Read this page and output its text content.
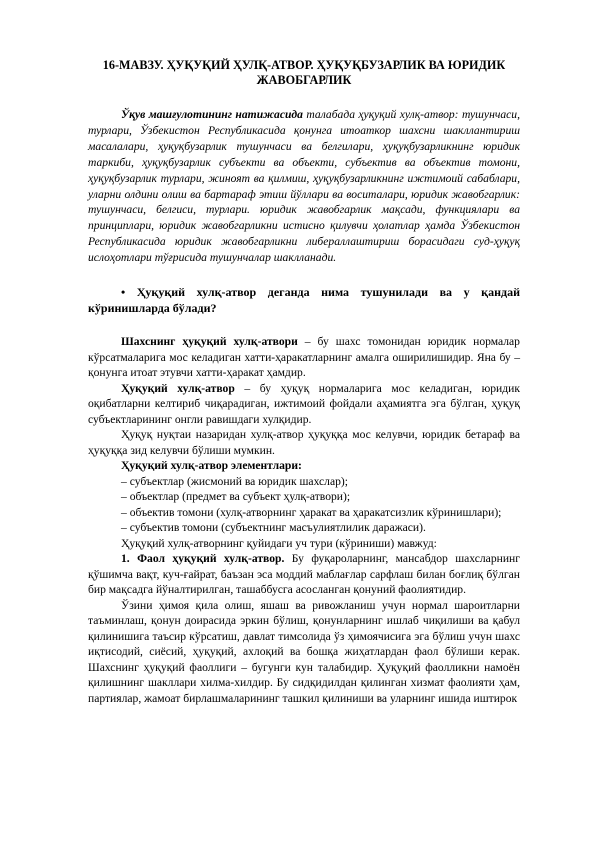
16-МАВЗУ. ҲУҚУҚИЙ ҲУЛҚ-АТВОР. ҲУҚУҚБУЗАРЛИК ВА ЮРИДИК ЖАВОБГАРЛИК

Ўқув машғулотининг натижасида талабада ҳуқуқий хулқ-атвор: тушунчаси, турлари, Ўзбекистон Республикасида қонунга итоаткор шахсни шакллантириш масалалари, ҳуқуқбузарлик тушунчаси ва белгилари, ҳуқуқбузарликнинг юридик таркиби, ҳуқуқбузарлик субъекти ва объекти, субъектив ва объектив томони, ҳуқуқбузарлик турлари, жиноят ва қилмиш, ҳуқуқбузарликнинг ижтимоий сабаблари, уларни олдини олиш ва бартараф этиш йўллари ва воситалари, юридик жавобгарлик: тушунчаси, белгиси, турлари. юридик жавобгарлик мақсади, функциялари ва принциплари, юридик жавобгарликни истисно қилувчи ҳолатлар ҳамда Ўзбекистон Республикасида юридик жавобгарликни либераллаштириш борасидаги суд-ҳуқуқ ислоҳотлари тўғрисида тушунчалар шаклланади.

• Ҳуқуқий хулқ-атвор деганда нима тушунилади ва у қандай кўринишларда бўлади?

Шахснинг ҳуқуқий хулқ-атвори – бу шахс томонидан юридик нормалар кўрсатмаларига мос келадиган хатти-ҳаракатларнинг амалга оширилишидир. Яна бу – қонунга итоат этувчи хатти-ҳаракат ҳамдир.

Ҳуқуқий хулқ-атвор – бу ҳуқуқ нормаларига мос келадиган, юридик оқибатларни келтириб чиқарадиган, ижтимоий фойдали аҳамиятга эга бўлган, ҳуқуқ субъектларининг онгли равишдаги хулқидир.

Ҳуқуқ нуқтаи назаридан хулқ-атвор ҳуқуққа мос келувчи, юридик бетараф ва ҳуқуққа зид келувчи бўлиши мумкин.

Ҳуқуқий хулқ-атвор элементлари:

– субъектлар (жисмоний ва юридик шахслар);

– объектлар (предмет ва субъект ҳулқ-атвори);

– объектив томони (хулқ-атворнинг ҳаракат ва ҳаракатсизлик кўринишлари);

– субъектив томони (субъектнинг масъулиятлилик даражаси).

Ҳуқуқий хулқ-атворнинг қуйидаги уч тури (кўриниши) мавжуд:

1. Фаол ҳуқуқий хулқ-атвор. Бу фуқароларнинг, мансабдор шахсларнинг қўшимча вақт, куч-ғайрат, баъзан эса моддий маблағлар сарфлаш билан боғлиқ бўлган бир мақсадга йўналтирилган, ташаббусга асосланган қонуний фаолиятидир.

Ўзини ҳимоя қила олиш, яшаш ва ривожланиш учун нормал шароитларни таъминлаш, қонун доирасида эркин бўлиш, қонунларнинг ишлаб чиқилиши ва қабул қилинишига таъсир кўрсатиш, давлат тимсолида ўз ҳимоячисига эга бўлиш учун шахс иқтисодий, сиёсий, ҳуқуқий, ахлоқий ва бошқа жиҳатлардан фаол бўлиши керак. Шахснинг ҳуқуқий фаоллиги – бугунги кун талабидир. Ҳуқуқий фаолликни намоён қилишнинг шакллари хилма-хилдир. Бу сидқидилдан қилинган хизмат фаолияти ҳам, партиялар, жамоат бирлашмаларининг ташкил қилиниши ва уларнинг ишида иштирок
